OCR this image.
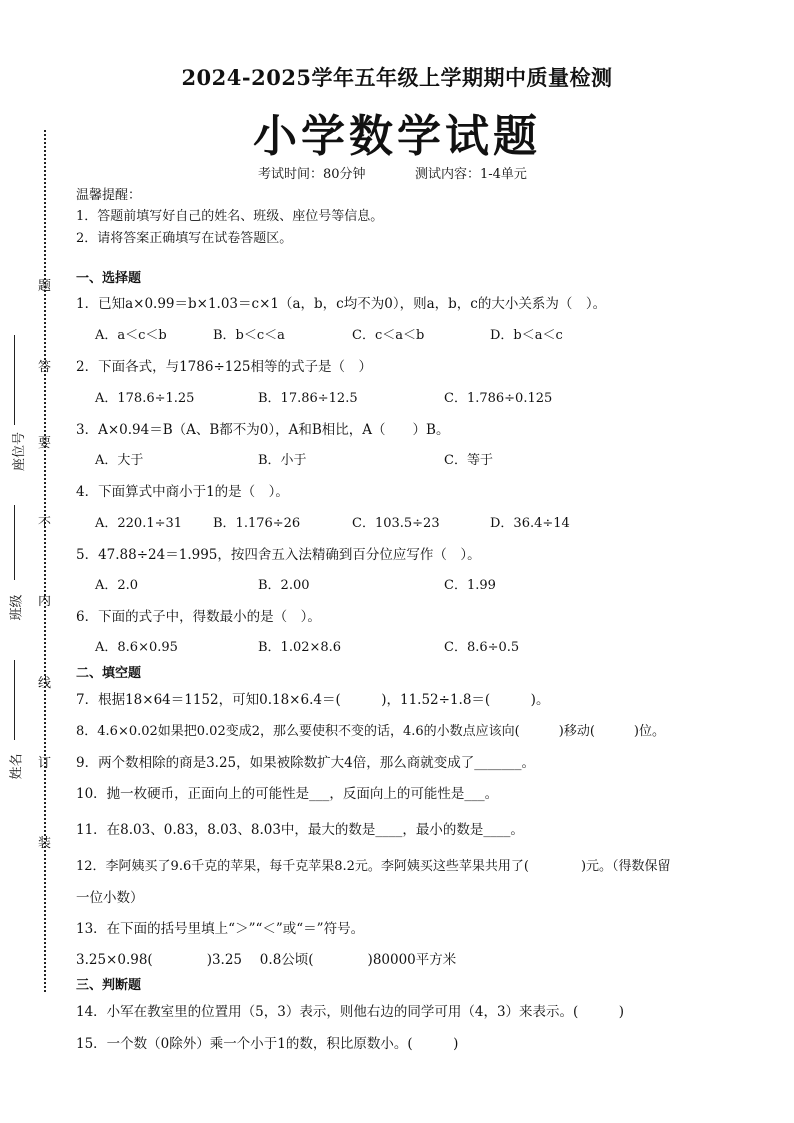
2024-2025学年五年级上学期期中质量检测
小学数学试题
考试时间：80分钟	测试内容：1-4单元
温馨提醒：
1．答题前填写好自己的姓名、班级、座位号等信息。
2．请将答案正确填写在试卷答题区。
座位号
班级
姓名
题
答
要
不
内
线
订
装
一、选择题
1．已知a×0.99＝b×1.03＝c×1（a，b，c均不为0），则a，b，c的大小关系为（　）。
A．a＜c＜b	B．b＜c＜a	C．c＜a＜b	D．b＜a＜c
2．下面各式，与1786÷125相等的式子是（　）
A．178.6÷1.25	B．17.86÷12.5	C．1.786÷0.125
3．A×0.94＝B（A、B都不为0），A和B相比，A（　　）B。
A．大于	B．小于	C．等于
4．下面算式中商小于1的是（　）。
A．220.1÷31 B．1.176÷26	C．103.5÷23	D．36.4÷14
5．47.88÷24＝1.995，按四舍五入法精确到百分位应写作（　）。
A．2.0	B．2.00	C．1.99
6．下面的式子中，得数最小的是（　）。
A．8.6×0.95	B．1.02×8.6	C．8.6÷0.5
二、填空题
7．根据18×64＝1152，可知0.18×6.4＝(　　　)，11.52÷1.8＝(　　　)。
8．4.6×0.02如果把0.02变成2，那么要使积不变的话，4.6的小数点应该向(　　　)移动(　　　)位。
9．两个数相除的商是3.25，如果被除数扩大4倍，那么商就变成了_______。
10．抛一枚硬币，正面向上的可能性是___，反面向上的可能性是___。
11．在8.03、0.83，8.03̇、8.0̇3̇中，最大的数是____，最小的数是____。
12．李阿姨买了9.6千克的苹果，每千克苹果8.2元。李阿姨买这些苹果共用了(　　　　)元。（得数保留
一位小数）
13．在下面的括号里填上“＞”“＜”或“＝”符号。
3.25×0.98(　　　　)3.25　 0.8公顷(　　　　)80000平方米
三、判断题
14．小军在教室里的位置用（5，3）表示，则他右边的同学可用（4，3）来表示。(　　　)
15．一个数（0除外）乘一个小于1的数，积比原数小。(　　　)
